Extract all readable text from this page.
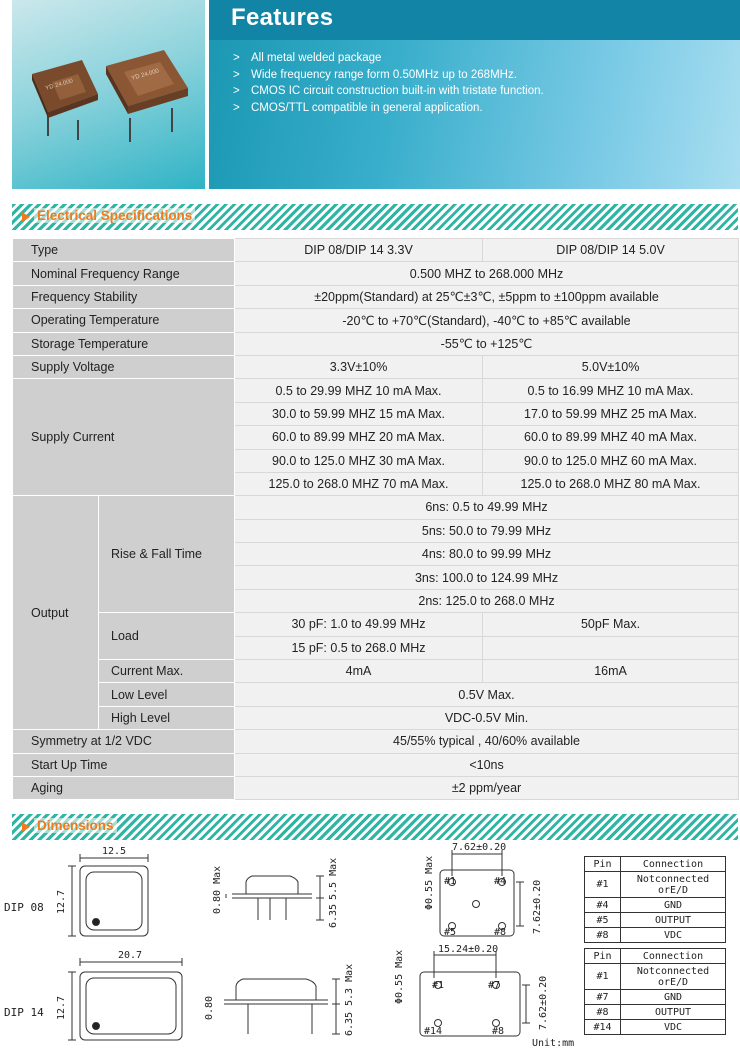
YD 24.000
YD 24.000
Features
> All metal welded package
> Wide frequency range form 0.50MHz up to 268MHz.
> CMOS IC circuit construction built-in with tristate function.
> CMOS/TTL compatible in general application.
Electrical Specifications
Type		DIP 08/DIP 14 3.3V	DIP 08/DIP 14 5.0V
Nominal Frequency Range		0.500 MHZ to 268.000 MHz	
Frequency Stability		±20ppm(Standard) at 25℃±3℃, ±5ppm to ±100ppm available	
Operating Temperature		-20℃ to +70℃(Standard), -40℃ to +85℃ available	
Storage Temperature		-55℃ to +125℃	
Supply Voltage		3.3V±10%	5.0V±10%
Supply Current		0.5 to 29.99 MHZ 10 mA Max.	0.5 to 16.99 MHZ 10 mA Max.
		30.0 to 59.99 MHZ 15 mA Max.	17.0 to 59.99 MHZ 25 mA Max.
		60.0 to 89.99 MHZ 20 mA Max.	60.0 to 89.99 MHZ 40 mA Max.
		90.0 to 125.0 MHZ 30 mA Max.	90.0 to 125.0 MHZ 60 mA Max.
		125.0 to 268.0 MHZ 70 mA Max.	125.0 to 268.0 MHZ 80 mA Max.
Output	Rise & Fall Time	6ns: 0.5 to 49.99 MHz	
		5ns: 50.0 to 79.99 MHz	
		4ns: 80.0 to 99.99 MHz	
		3ns: 100.0 to 124.99 MHz	
		2ns: 125.0 to 268.0 MHz	
	Load	30 pF: 1.0 to 49.99 MHz	50pF Max.
		15 pF: 0.5 to 268.0 MHz	
	Current Max.	4mA	16mA
	Low Level	0.5V Max.	
	High Level	VDC-0.5V Min.	
Symmetry at 1/2 VDC		45/55% typical , 40/60% available	
Start Up Time		<10ns	
Aging		±2 ppm/year	
Dimensions
DIP 08
DIP 14
12.5
12.7	0.80 Max	5.5 Max
6.35
Φ0.55 Max
7.62±0.20
7.62±0.20
#1	#4
#5	#8
20.7
12.7	0.80
5.3 Max
6.35
Φ0.55 Max
15.24±0.20
7.62±0.20
#1	#7
#14	#8
Pin	Connection
#1	Notconnected orE/D
#4	GND
#5	OUTPUT
#8	VDC
Pin	Connection
#1	Notconnected orE/D
#7	GND
#8	OUTPUT
#14	VDC
Unit:mm
